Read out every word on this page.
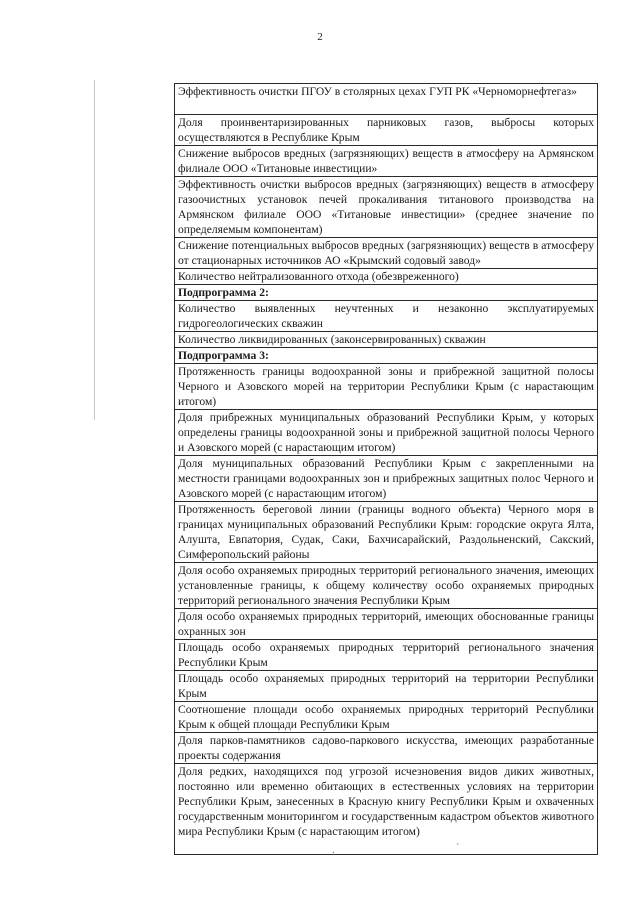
2
Эффективность очистки ПГОУ в столярных цехах ГУП РК «Черноморнефтегаз»
Доля проинвентаризированных парниковых газов, выбросы которых осуществляются в Республике Крым
Снижение выбросов вредных (загрязняющих) веществ в атмосферу на Армянском филиале ООО «Титановые инвестиции»
Эффективность очистки выбросов вредных (загрязняющих) веществ в атмосферу газоочистных установок печей прокаливания титанового производства на Армянском филиале ООО «Титановые инвестиции» (среднее значение по определяемым компонентам)
Снижение потенциальных выбросов вредных (загрязняющих) веществ в атмосферу от стационарных источников АО «Крымский содовый завод»
Количество нейтрализованного отхода (обезвреженного)
Подпрограмма 2:
Количество выявленных неучтенных и незаконно эксплуатируемых гидрогеологических скважин
Количество ликвидированных (законсервированных) скважин
Подпрограмма 3:
Протяженность границы водоохранной зоны и прибрежной защитной полосы Черного и Азовского морей на территории Республики Крым (с нарастающим итогом)
Доля прибрежных муниципальных образований Республики Крым, у которых определены границы водоохранной зоны и прибрежной защитной полосы Черного и Азовского морей (с нарастающим итогом)
Доля муниципальных образований Республики Крым с закрепленными на местности границами водоохранных зон и прибрежных защитных полос Черного и Азовского морей (с нарастающим итогом)
Протяженность береговой линии (границы водного объекта) Черного моря в границах муниципальных образований Республики Крым: городские округа Ялта, Алушта, Евпатория, Судак, Саки, Бахчисарайский, Раздольненский, Сакский, Симферопольский районы
Доля особо охраняемых природных территорий регионального значения, имеющих установленные границы, к общему количеству особо охраняемых природных территорий регионального значения Республики Крым
Доля особо охраняемых природных территорий, имеющих обоснованные границы охранных зон
Площадь особо охраняемых природных территорий регионального значения Республики Крым
Площадь особо охраняемых природных территорий на территории Республики Крым
Соотношение площади особо охраняемых природных территорий Республики Крым к общей площади Республики Крым
Доля парков-памятников садово-паркового искусства, имеющих разработанные проекты содержания
Доля редких, находящихся под угрозой исчезновения видов диких животных, постоянно или временно обитающих в естественных условиях на территории Республики Крым, занесенных в Красную книгу Республики Крым и охваченных государственным мониторингом и государственным кадастром объектов животного мира Республики Крым (с нарастающим итогом)
.	`
